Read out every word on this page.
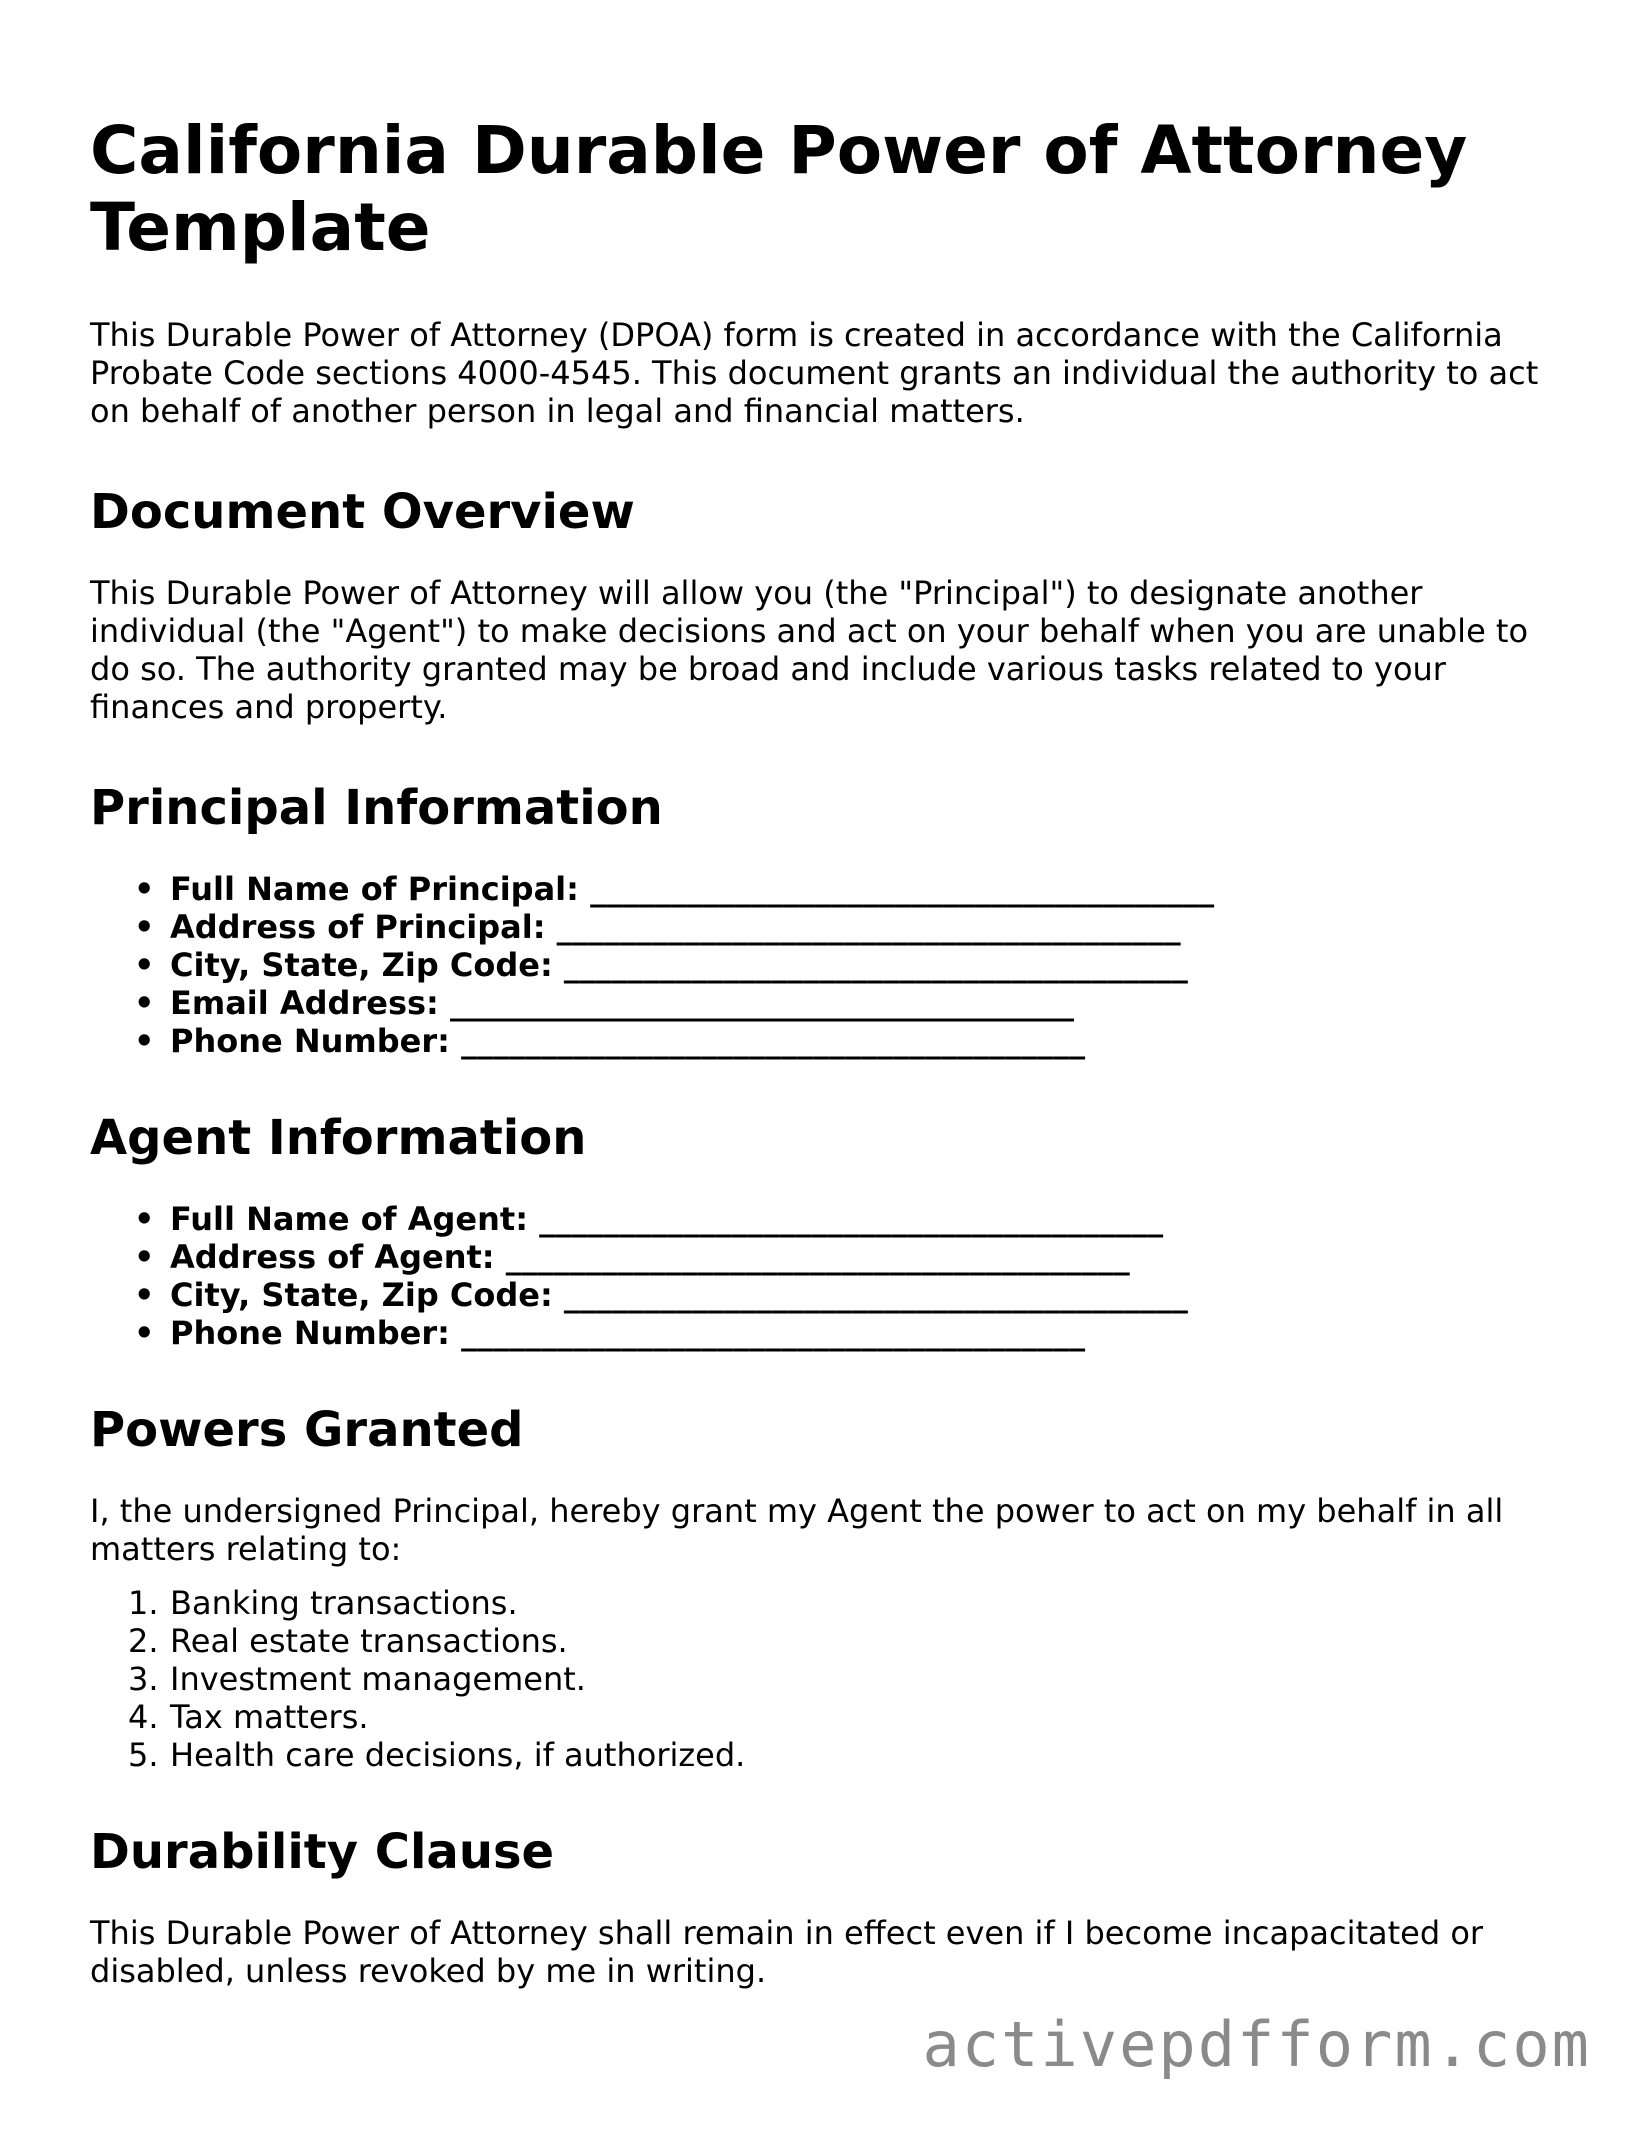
California Durable Power of Attorney Template

This Durable Power of Attorney (DPOA) form is created in accordance with the California Probate Code sections 4000-4545. This document grants an individual the authority to act on behalf of another person in legal and financial matters.

Document Overview

This Durable Power of Attorney will allow you (the "Principal") to designate another individual (the "Agent") to make decisions and act on your behalf when you are unable to do so. The authority granted may be broad and include various tasks related to your finances and property.

Principal Information
• Full Name of Principal: _______________________________________
• Address of Principal: _______________________________________
• City, State, Zip Code: _______________________________________
• Email Address: _______________________________________
• Phone Number: _______________________________________
Agent Information
• Full Name of Agent: _______________________________________
• Address of Agent: _______________________________________
• City, State, Zip Code: _______________________________________
• Phone Number: _______________________________________
Powers Granted

I, the undersigned Principal, hereby grant my Agent the power to act on my behalf in all matters relating to:

1. Banking transactions.
2. Real estate transactions.
3. Investment management.
4. Tax matters.
5. Health care decisions, if authorized.
Durability Clause

This Durable Power of Attorney shall remain in effect even if I become incapacitated or disabled, unless revoked by me in writing.

activepdfform.com
